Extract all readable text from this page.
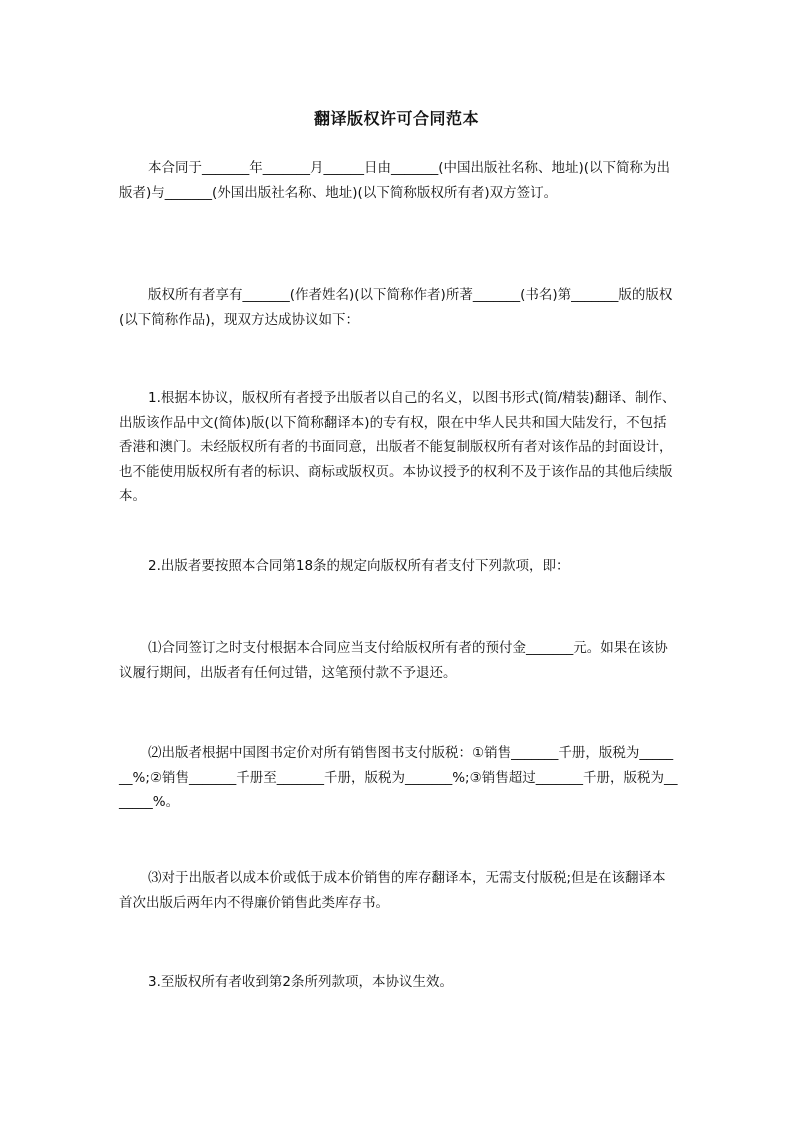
翻译版权许可合同范本
本合同于_______年_______月______日由_______(中国出版社名称、地址)(以下简称为出版者)与_______(外国出版社名称、地址)(以下简称版权所有者)双方签订。
版权所有者享有_______(作者姓名)(以下简称作者)所著_______(书名)第_______版的版权(以下简称作品)，现双方达成协议如下：
1.根据本协议，版权所有者授予出版者以自己的名义，以图书形式(简/精装)翻译、制作、出版该作品中文(简体)版(以下简称翻译本)的专有权，限在中华人民共和国大陆发行，不包括香港和澳门。未经版权所有者的书面同意，出版者不能复制版权所有者对该作品的封面设计，也不能使用版权所有者的标识、商标或版权页。本协议授予的权利不及于该作品的其他后续版本。
2.出版者要按照本合同第18条的规定向版权所有者支付下列款项，即：
⑴合同签订之时支付根据本合同应当支付给版权所有者的预付金_______元。如果在该协议履行期间，出版者有任何过错，这笔预付款不予退还。
⑵出版者根据中国图书定价对所有销售图书支付版税：①销售_______千册，版税为_______%;②销售_______千册至_______千册，版税为_______%;③销售超过_______千册，版税为_______%。
⑶对于出版者以成本价或低于成本价销售的库存翻译本，无需支付版税;但是在该翻译本首次出版后两年内不得廉价销售此类库存书。
3.至版权所有者收到第2条所列款项，本协议生效。
